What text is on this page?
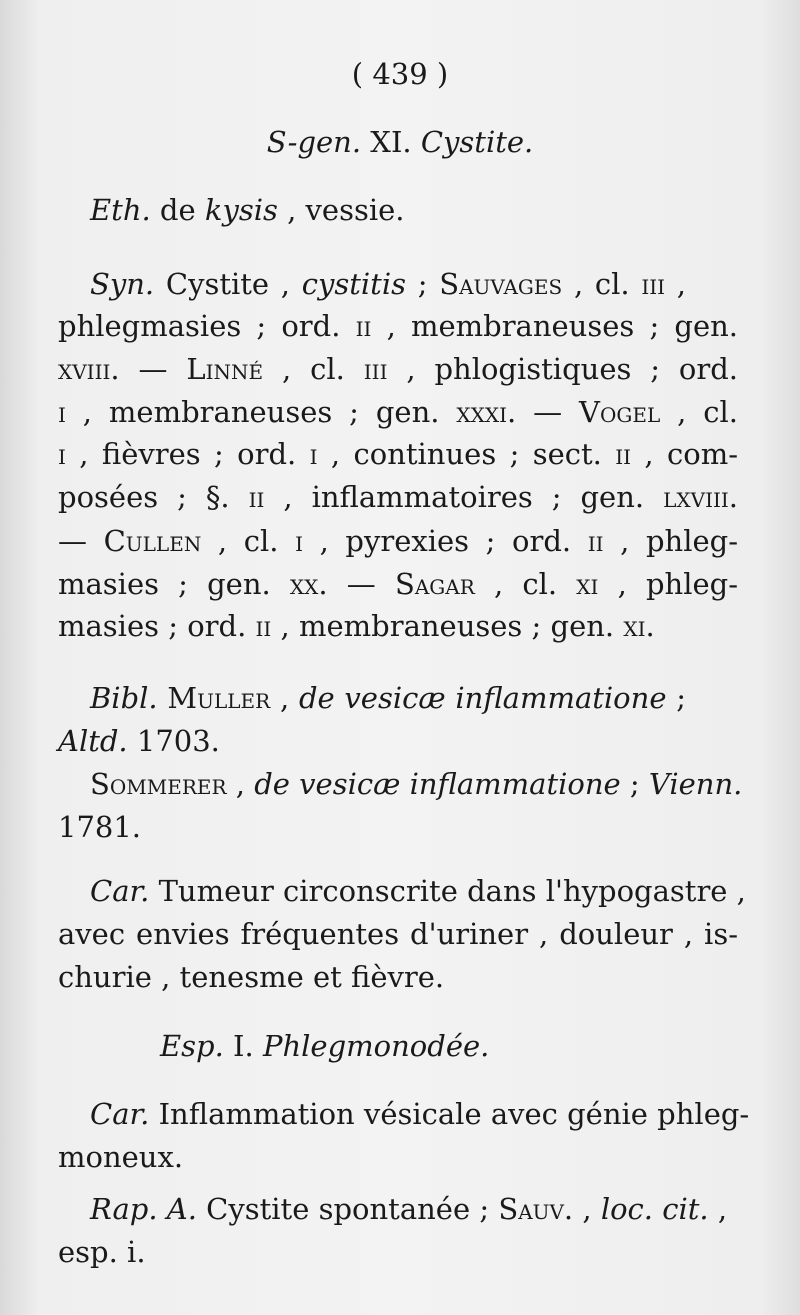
( 439 )
S-gen. XI. Cystite.
Eth. de kysis , vessie.
Syn. Cystite , cystitis ; Sauvages , cl. iii ,
phlegmasies ; ord. ii , membraneuses ; gen.
xviii. — Linné , cl. iii , phlogistiques ; ord.
i , membraneuses ; gen. xxxi. — Vogel , cl.
i , fièvres ; ord. i , continues ; sect. ii , com-
posées ; §. ii , inflammatoires ; gen. lxviii.
— Cullen , cl. i , pyrexies ; ord. ii , phleg-
masies ; gen. xx. — Sagar , cl. xi , phleg-
masies ; ord. ii , membraneuses ; gen. xi.
Bibl. Muller , de vesicæ inflammatione ;
Altd. 1703.
Sommerer , de vesicæ inflammatione ; Vienn.
1781.
Car. Tumeur circonscrite dans l'hypogastre ,
avec envies fréquentes d'uriner , douleur , is-
churie , tenesme et fièvre.
Esp. I. Phlegmonodée.
Car. Inflammation vésicale avec génie phleg-
moneux.
Rap. A. Cystite spontanée ; Sauv. , loc. cit. ,
esp. i.
